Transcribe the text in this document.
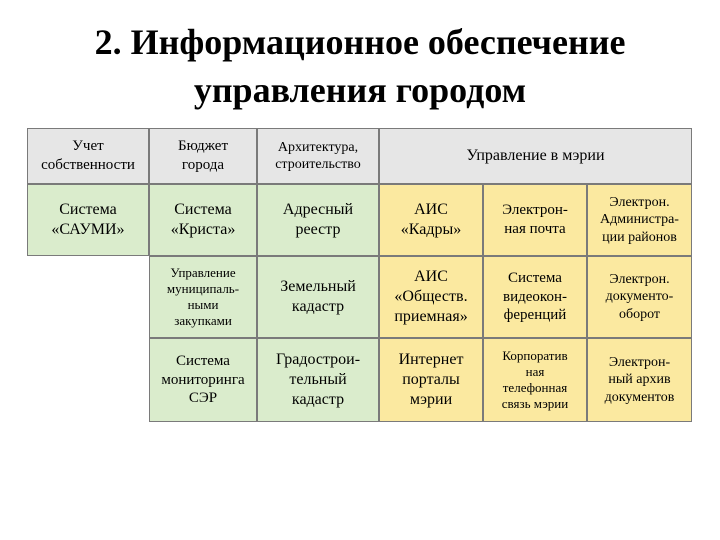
2. Информационное обеспечение
управления городом
Учет
собственности
Бюджет
города
Архитектура,
строительство
Управление в мэрии
Система
«САУМИ»
Система
«Криста»
Адресный
реестр
АИС
«Кадры»
Электрон-
ная почта
Электрон.
Администра-
ции районов
Управление
муниципаль-
ными
закупками
Земельный
кадастр
АИС
«Обществ.
приемная»
Система
видеокон-
ференций
Электрон.
документо-
оборот
Система
мониторинга
СЭР
Градострои-
тельный
кадастр
Интернет
порталы
мэрии
Корпоратив
ная
телефонная
связь мэрии
Электрон-
ный архив
документов
